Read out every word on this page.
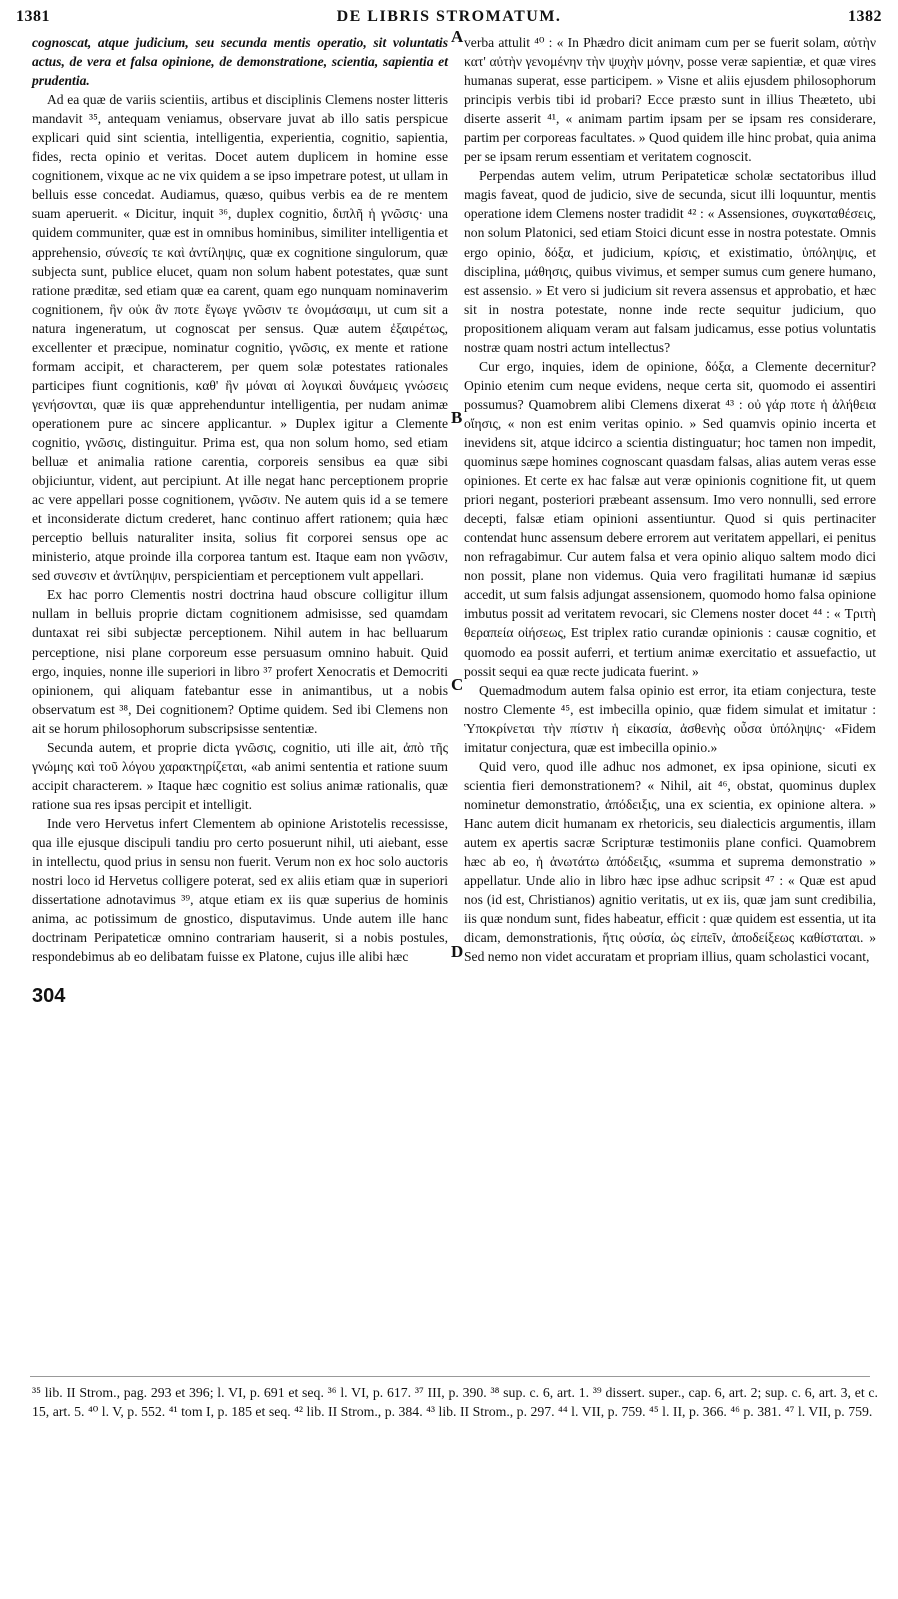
1381	DE LIBRIS STROMATUM.	1382

cognoscat, atque judicium, seu secunda mentis operatio, sit voluntatis actus, de vera et falsa opinione, de demonstratione, scientia, sapientia et prudentia.

Ad ea quæ de variis scientiis, artibus et disciplinis Clemens noster litteris mandavit ³⁵, antequam veniamus, observare juvat ab illo satis perspicue explicari quid sint scientia, intelligentia, experientia, cognitio, sapientia, fides, recta opinio et veritas. Docet autem duplicem in homine esse cognitionem, vixque ac ne vix quidem a se ipso impetrare potest, ut ullam in belluis esse concedat. Audiamus, quæso, quibus verbis ea de re mentem suam aperuerit. « Dicitur, inquit ³⁶, duplex cognitio, διπλῆ ἡ γνῶσις· una quidem communiter, quæ est in omnibus hominibus, similiter intelligentia et apprehensio, σύνεσίς τε καὶ ἀντίληψις, quæ ex cognitione singulorum, quæ subjecta sunt, publice elucet, quam non solum habent potestates, quæ sunt ratione præditæ, sed etiam quæ ea carent, quam ego nunquam nominaverim cognitionem, ἣν οὐκ ἂν ποτε ἔγωγε γνῶσιν τε ὀνομάσαιμι, ut cum sit a natura ingeneratum, ut cognoscat per sensus. Quæ autem ἐξαιρέτως, excellenter et præcipue, nominatur cognitio, γνῶσις, ex mente et ratione formam accipit, et characterem, per quem solæ potestates rationales participes fiunt cognitionis, καθ' ἣν μόναι αἱ λογικαὶ δυνάμεις γνώσεις γενήσονται, quæ iis quæ apprehenduntur intelligentia, per nudam animæ operationem pure ac sincere applicantur. » Duplex igitur a Clemente cognitio, γνῶσις, distinguitur. Prima est, qua non solum homo, sed etiam belluæ et animalia ratione carentia, corporeis sensibus ea quæ sibi objiciuntur, vident, aut percipiunt. At ille negat hanc perceptionem proprie ac vere appellari posse cognitionem, γνῶσιν. Ne autem quis id a se temere et inconsiderate dictum crederet, hanc continuo affert rationem; quia hæc perceptio belluis naturaliter insita, solius fit corporei sensus ope ac ministerio, atque proinde illa corporea tantum est. Itaque eam non γνῶσιν, sed συνεσιν et ἀντίληψιν, perspicientiam et perceptionem vult appellari.

Ex hac porro Clementis nostri doctrina haud obscure colligitur illum nullam in belluis proprie dictam cognitionem admisisse, sed quamdam duntaxat rei sibi subjectæ perceptionem. Nihil autem in hac belluarum perceptione, nisi plane corporeum esse persuasum omnino habuit. Quid ergo, inquies, nonne ille superiori in libro ³⁷ profert Xenocratis et Democriti opinionem, qui aliquam fatebantur esse in animantibus, ut a nobis observatum est ³⁸, Dei cognitionem? Optime quidem. Sed ibi Clemens non ait se horum philosophorum subscripsisse sententiæ.

Secunda autem, et proprie dicta γνῶσις, cognitio, uti ille ait, ἀπὸ τῆς γνώμης καὶ τοῦ λόγου χαρακτηρίζεται, «ab animi sententia et ratione suum accipit characterem. » Itaque hæc cognitio est solius animæ rationalis, quæ ratione sua res ipsas percipit et intelligit.

Inde vero Hervetus infert Clementem ab opinione Aristotelis recessisse, qua ille ejusque discipuli tandiu pro certo posuerunt nihil, uti aiebant, esse in intellectu, quod prius in sensu non fuerit. Verum non ex hoc solo auctoris nostri loco id Hervetus colligere poterat, sed ex aliis etiam quæ in superiori dissertatione adnotavimus ³⁹, atque etiam ex iis quæ superius de hominis anima, ac potissimum de gnostico, disputavimus. Unde autem ille hanc doctrinam Peripateticæ omnino contrariam hauserit, si a nobis postules, respondebimus ab eo delibatam fuisse ex Platone, cujus ille alibi hæc

verba attulit ⁴⁰ : « In Phædro dicit animam cum per se fuerit solam, αὐτὴν κατ' αὐτὴν γενομένην τὴν ψυχὴν μόνην, posse veræ sapientiæ, et quæ vires humanas superat, esse participem. » Visne et aliis ejusdem philosophorum principis verbis tibi id probari? Ecce præsto sunt in illius Theæteto, ubi diserte asserit ⁴¹, « animam partim ipsam per se ipsam res considerare, partim per corporeas facultates. » Quod quidem ille hinc probat, quia anima per se ipsam rerum essentiam et veritatem cognoscit.

Perpendas autem velim, utrum Peripateticæ scholæ sectatoribus illud magis faveat, quod de judicio, sive de secunda, sicut illi loquuntur, mentis operatione idem Clemens noster tradidit ⁴² : « Assensiones, συγκαταθέσεις, non solum Platonici, sed etiam Stoici dicunt esse in nostra potestate. Omnis ergo opinio, δόξα, et judicium, κρίσις, et existimatio, ὑπόληψις, et disciplina, μάθησις, quibus vivimus, et semper sumus cum genere humano, est assensio. » Et vero si judicium sit revera assensus et approbatio, et hæc sit in nostra potestate, nonne inde recte sequitur judicium, quo propositionem aliquam veram aut falsam judicamus, esse potius voluntatis nostræ quam nostri actum intellectus?

Cur ergo, inquies, idem de opinione, δόξα, a Clemente decernitur? Opinio etenim cum neque evidens, neque certa sit, quomodo ei assentiri possumus? Quamobrem alibi Clemens dixerat ⁴³ : οὐ γάρ ποτε ἡ ἀλήθεια οἴησις, « non est enim veritas opinio. » Sed quamvis opinio incerta et inevidens sit, atque idcirco a scientia distinguatur; hoc tamen non impedit, quominus sæpe homines cognoscant quasdam falsas, alias autem veras esse opiniones. Et certe ex hac falsæ aut veræ opinionis cognitione fit, ut quem priori negant, posteriori præbeant assensum. Imo vero nonnulli, sed errore decepti, falsæ etiam opinioni assentiuntur. Quod si quis pertinaciter contendat hunc assensum debere errorem aut veritatem appellari, ei penitus non refragabimur. Cur autem falsa et vera opinio aliquo saltem modo dici non possit, plane non videmus. Quia vero fragilitati humanæ id sæpius accedit, ut sum falsis adjungat assensionem, quomodo homo falsa opinione imbutus possit ad veritatem revocari, sic Clemens noster docet ⁴⁴ : « Τριτὴ θεραπεία οἰήσεως, Est triplex ratio curandæ opinionis : causæ cognitio, et quomodo ea possit auferri, et tertium animæ exercitatio et assuefactio, ut possit sequi ea quæ recte judicata fuerint. »

Quemadmodum autem falsa opinio est error, ita etiam conjectura, teste nostro Clemente ⁴⁵, est imbecilla opinio, quæ fidem simulat et imitatur : Ὑποκρίνεται τὴν πίστιν ἡ εἰκασία, ἀσθενὴς οὖσα ὑπόληψις· «Fidem imitatur conjectura, quæ est imbecilla opinio.»

Quid vero, quod ille adhuc nos admonet, ex ipsa opinione, sicuti ex scientia fieri demonstrationem? « Nihil, ait ⁴⁶, obstat, quominus duplex nominetur demonstratio, ἀπόδειξις, una ex scientia, ex opinione altera. » Hanc autem dicit humanam ex rhetoricis, seu dialecticis argumentis, illam autem ex apertis sacræ Scripturæ testimoniis plane confici. Quamobrem hæc ab eo, ἡ ἀνωτάτω ἀπόδειξις, «summa et suprema demonstratio » appellatur. Unde alio in libro hæc ipse adhuc scripsit ⁴⁷ : « Quæ est apud nos (id est, Christianos) agnitio veritatis, ut ex iis, quæ jam sunt credibilia, iis quæ nondum sunt, fides habeatur, efficit : quæ quidem est essentia, ut ita dicam, demonstrationis, ἥτις οὐσία, ὡς εἰπεῖν, ἀποδείξεως καθίσταται. » Sed nemo non videt accuratam et propriam illius, quam scholastici vocant,

A
B
C
D
304

³⁵ lib. II Strom., pag. 293 et 396; l. VI, p. 691 et seq. ³⁶ l. VI, p. 617. ³⁷ III, p. 390. ³⁸ sup. c. 6, art. 1. ³⁹ dissert. super., cap. 6, art. 2; sup. c. 6, art. 3, et c. 15, art. 5. ⁴⁰ l. V, p. 552. ⁴¹ tom I, p. 185 et seq. ⁴² lib. II Strom., p. 384. ⁴³ lib. II Strom., p. 297. ⁴⁴ l. VII, p. 759. ⁴⁵ l. II, p. 366. ⁴⁶ p. 381. ⁴⁷ l. VII, p. 759.
